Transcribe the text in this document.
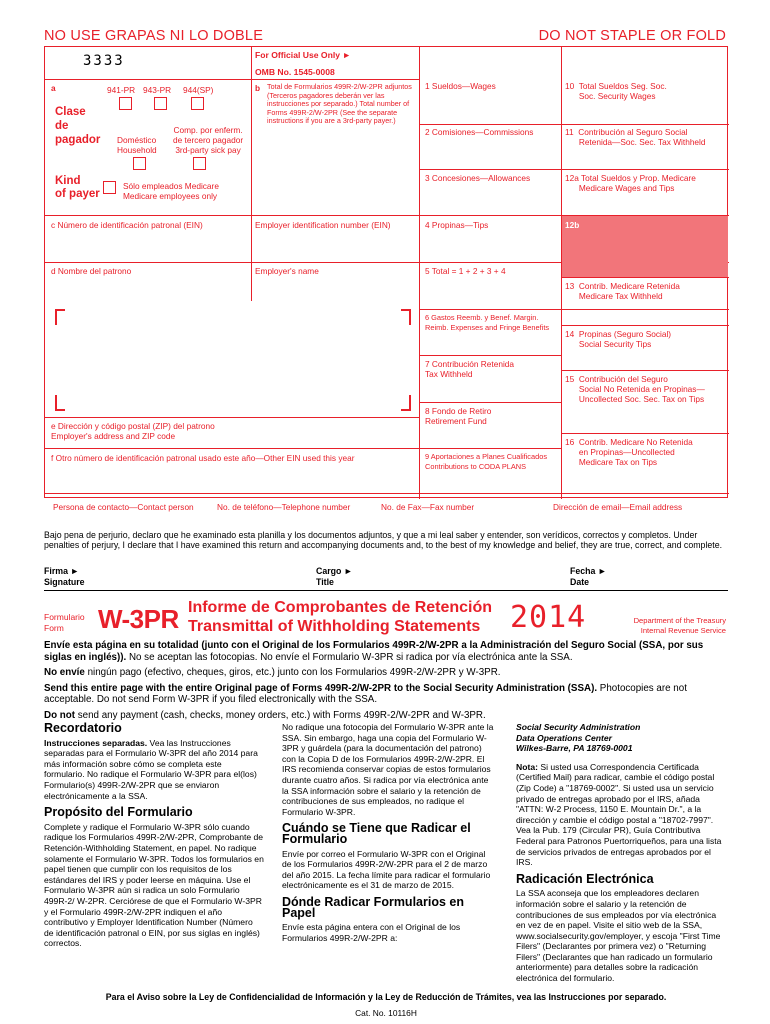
NO USE GRAPAS NI LO DOBLE	DO NOT STAPLE OR FOLD
3333	For Official Use Only ►
OMB No. 1545-0008
a	941-PR 943-PR 944(SP)
Clase
de
pagador Doméstico
Household
Comp. por enferm.
de tercero pagador
3rd-party sick pay
Kind
of payer
Sólo empleados Medicare
Medicare employees only
b Total de Formularios 499R-2/W-2PR adjuntos (Terceros pagadores deberán ver las instrucciones por separado.) Total number of Forms 499R-2/W-2PR (See the separate instructions if you are a 3rd-party payer.)
c Número de identificación patronal (EIN)	Employer identification number (EIN)
d Nombre del patrono	Employer's name
e Dirección y código postal (ZIP) del patrono
Employer's address and ZIP code
f Otro número de identificación patronal usado este año—Other EIN used this year
Persona de contacto—Contact person	No. de teléfono—Telephone number	No. de Fax—Fax number	Dirección de email—Email address
1 Sueldos—Wages
2 Comisiones—Commissions
3 Concesiones—Allowances
4 Propinas—Tips
5 Total = 1 + 2 + 3 + 4
6 Gastos Reemb. y Benef. Margin.
Reimb. Expenses and Fringe Benefits
7 Contribución Retenida
Tax Withheld
8 Fondo de Retiro
Retirement Fund
9 Aportaciones a Planes Cualificados
Contributions to CODA PLANS
10  Total Sueldos Seg. Soc.
Soc. Security Wages
11  Contribución al Seguro Social
Retenida—Soc. Sec. Tax Withheld
12a Total Sueldos y Prop. Medicare
Medicare Wages and Tips
12b
13  Contrib. Medicare Retenida
Medicare Tax Withheld
14  Propinas (Seguro Social)
Social Security Tips
15  Contribución del Seguro
Social No Retenida en Propinas—
Uncollected Soc. Sec. Tax on Tips
16  Contrib. Medicare No Retenida
en Propinas—Uncollected
Medicare Tax on Tips
Bajo pena de perjurio, declaro que he examinado esta planilla y los documentos adjuntos, y que a mi leal saber y entender, son verídicos, correctos y completos. Under penalties of perjury, I declare that I have examined this return and accompanying documents and, to the best of my knowledge and belief, they are true, correct, and complete.
Firma ►
Signature
Cargo ►
Title
Fecha ►
Date
Formulario
Form	W-3PR Informe de Comprobantes de Retención
Transmittal of Withholding Statements 2014	Department of the Treasury
Internal Revenue Service
Envíe esta página en su totalidad (junto con el Original de los Formularios 499R-2/W-2PR a la Administración del Seguro Social (SSA, por sus siglas en inglés)). No se aceptan las fotocopias. No envíe el Formulario W-3PR si radica por vía electrónica ante la SSA.
No envíe ningún pago (efectivo, cheques, giros, etc.) junto con los Formularios 499R-2/W-2PR y W-3PR.
Send this entire page with the entire Original page of Forms 499R-2/W-2PR to the Social Security Administration (SSA). Photocopies are not acceptable. Do not send Form W-3PR if you filed electronically with the SSA.
Do not send any payment (cash, checks, money orders, etc.) with Forms 499R-2/W-2PR and W-3PR.
Recordatorio

Instrucciones separadas. Vea las Instrucciones separadas para el Formulario W-3PR del año 2014 para más información sobre cómo se completa este formulario. No radique el Formulario W-3PR para el(los) Formulario(s) 499R-2/W-2PR que se enviaron electrónicamente a la SSA.

Propósito del Formulario

Complete y radique el Formulario W-3PR sólo cuando radique los Formularios 499R-2/W-2PR, Comprobante de Retención-Withholding Statement, en papel. No radique solamente el Formulario W-3PR. Todos los formularios en papel tienen que cumplir con los requisitos de los estándares del IRS y poder leerse en máquina. Use el Formulario W-3PR aún si radica un solo Formulario 499R-2/ W-2PR. Cerciórese de que el Formulario W-3PR y el Formulario 499R-2/W-2PR indiquen el año contributivo y Employer Identification Number (Número de identificación patronal o EIN, por sus siglas en inglés) correctos.

No radique una fotocopia del Formulario W-3PR ante la SSA. Sin embargo, haga una copia del Formulario W-3PR y guárdela (para la documentación del patrono) con la Copia D de los Formularios 499R-2/W-2PR. El IRS recomienda conservar copias de estos formularios durante cuatro años. Si radica por vía electrónica ante la SSA información sobre el salario y la retención de contribuciones de sus empleados, no radique el Formulario W-3PR.

Cuándo se Tiene que Radicar el Formulario

Envíe por correo el Formulario W-3PR con el Original de los Formularios 499R-2/W-2PR para el 2 de marzo del año 2015. La fecha límite para radicar el formulario electrónicamente es el 31 de marzo de 2015.

Dónde Radicar Formularios en Papel

Envíe esta página entera con el Original de los Formularios 499R-2/W-2PR a:

Social Security Administration
Data Operations Center
Wilkes-Barre, PA 18769-0001

Nota: Si usted usa Correspondencia Certificada (Certified Mail) para radicar, cambie el código postal (Zip Code) a "18769-0002". Si usted usa un servicio privado de entregas aprobado por el IRS, añada "ATTN: W-2 Process, 1150 E. Mountain Dr.", a la dirección y cambie el código postal a "18702-7997". Vea la Pub. 179 (Circular PR), Guía Contributiva Federal para Patronos Puertorriqueños, para una lista de servicios privados de entregas aprobados por el IRS.

Radicación Electrónica

La SSA aconseja que los empleadores declaren información sobre el salario y la retención de contribuciones de sus empleados por vía electrónica en vez de en papel. Visite el sitio web de la SSA, www.socialsecurity.gov/employer, y escoja "First Time Filers" (Declarantes por primera vez) o "Returning Filers" (Declarantes que han radicado un formulario anteriormente) para detalles sobre la radicación electrónica del formulario.

Para el Aviso sobre la Ley de Confidencialidad de Información y la Ley de Reducción de Trámites, vea las Instrucciones por separado.
Cat. No. 10116H
